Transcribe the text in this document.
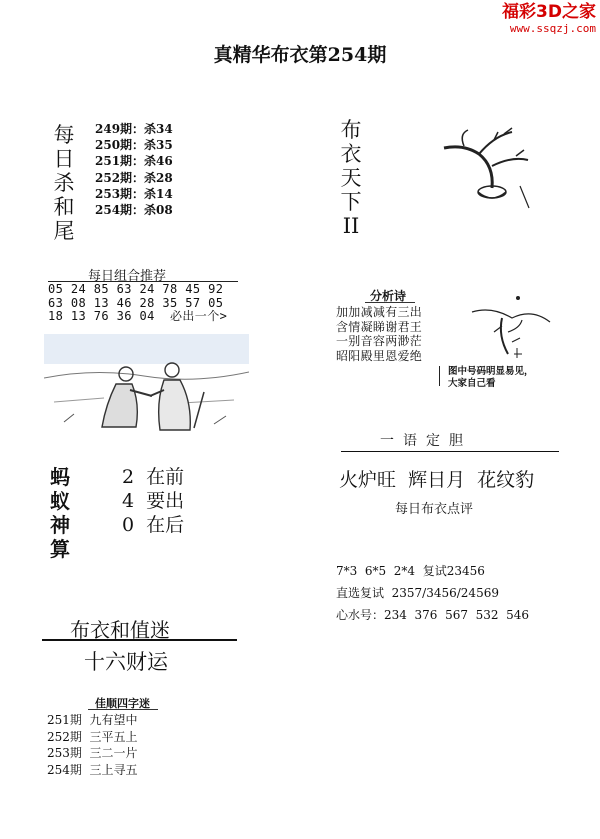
福彩3D之家
www.ssqzj.com
真精华布衣第254期
每
日
杀
和
尾
249期：杀34
250期：杀35
251期：杀46
252期：杀28
253期：杀14
254期：杀08
每日组合推荐
05 24 85 63 24 78 45 92
63 08 13 46 28 35 57 05
18 13 76 36 04  必出一个>
蚂
蚁
神
算
2  在前
4  要出
0  在后
布衣和值迷
十六财运
佳顺四字迷
251期  九有望中
252期  三平五上
253期  三二一片
254期  三上寻五
布
衣
天
下
II
分析诗
加加减减有三出
含情凝睇谢君王
一别音容两渺茫
昭阳殿里恩爱绝
图中号码明显易见，
大家自己看
一语定胆
火炉旺  辉日月  花纹豹
每日布衣点评
7*3  6*5  2*4  复试23456
直选复试  2357/3456/24569
心水号：234  376  567  532  546
